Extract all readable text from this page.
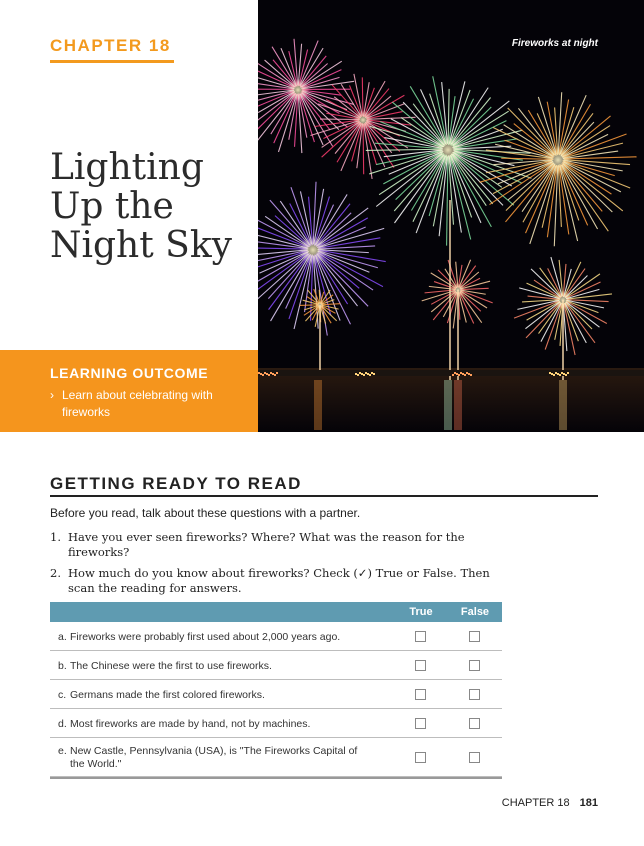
CHAPTER 18
Lighting
Up the
Night Sky
LEARNING OUTCOME
› Learn about celebrating with fireworks
Fireworks at night
GETTING READY TO READ
Before you read, talk about these questions with a partner.
1. Have you ever seen fireworks? Where? What was the reason for the fireworks?
2. How much do you know about fireworks? Check (✓) True or False. Then scan the reading for answers.
True	False
a. Fireworks were probably first used about 2,000 years ago.
b. The Chinese were the first to use fireworks.
c. Germans made the first colored fireworks.
d. Most fireworks are made by hand, not by machines.
e. New Castle, Pennsylvania (USA), is "The Fireworks Capital of the World."
CHAPTER 18 181
